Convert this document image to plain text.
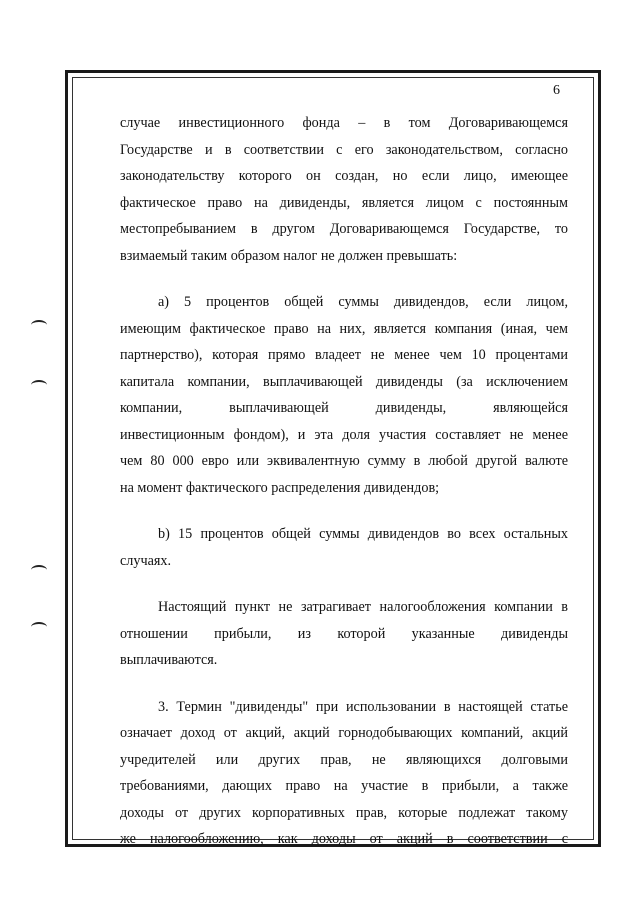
6

случае инвестиционного фонда – в том Договаривающемся

Государстве и в соответствии с его законодательством, согласно

законодательству которого он создан, но если лицо, имеющее

фактическое право на дивиденды, является лицом с постоянным

местопребыванием в другом Договаривающемся Государстве, то

взимаемый таким образом налог не должен превышать:

a) 5 процентов общей суммы дивидендов, если лицом,

имеющим фактическое право на них, является компания (иная, чем

партнерство), которая прямо владеет не менее чем 10 процентами

капитала компании, выплачивающей дивиденды (за исключением

компании, выплачивающей дивиденды, являющейся

инвестиционным фондом), и эта доля участия составляет не менее

чем 80 000 евро или эквивалентную сумму в любой другой валюте

на момент фактического распределения дивидендов;

b) 15 процентов общей суммы дивидендов во всех остальных

случаях.

Настоящий пункт не затрагивает налогообложения компании в

отношении прибыли, из которой указанные дивиденды

выплачиваются.

3. Термин "дивиденды" при использовании в настоящей статье

означает доход от акций, акций горнодобывающих компаний, акций

учредителей или других прав, не являющихся долговыми

требованиями, дающих право на участие в прибыли, а также

доходы от других корпоративных прав, которые подлежат такому

же налогообложению, как доходы от акций в соответствии с
